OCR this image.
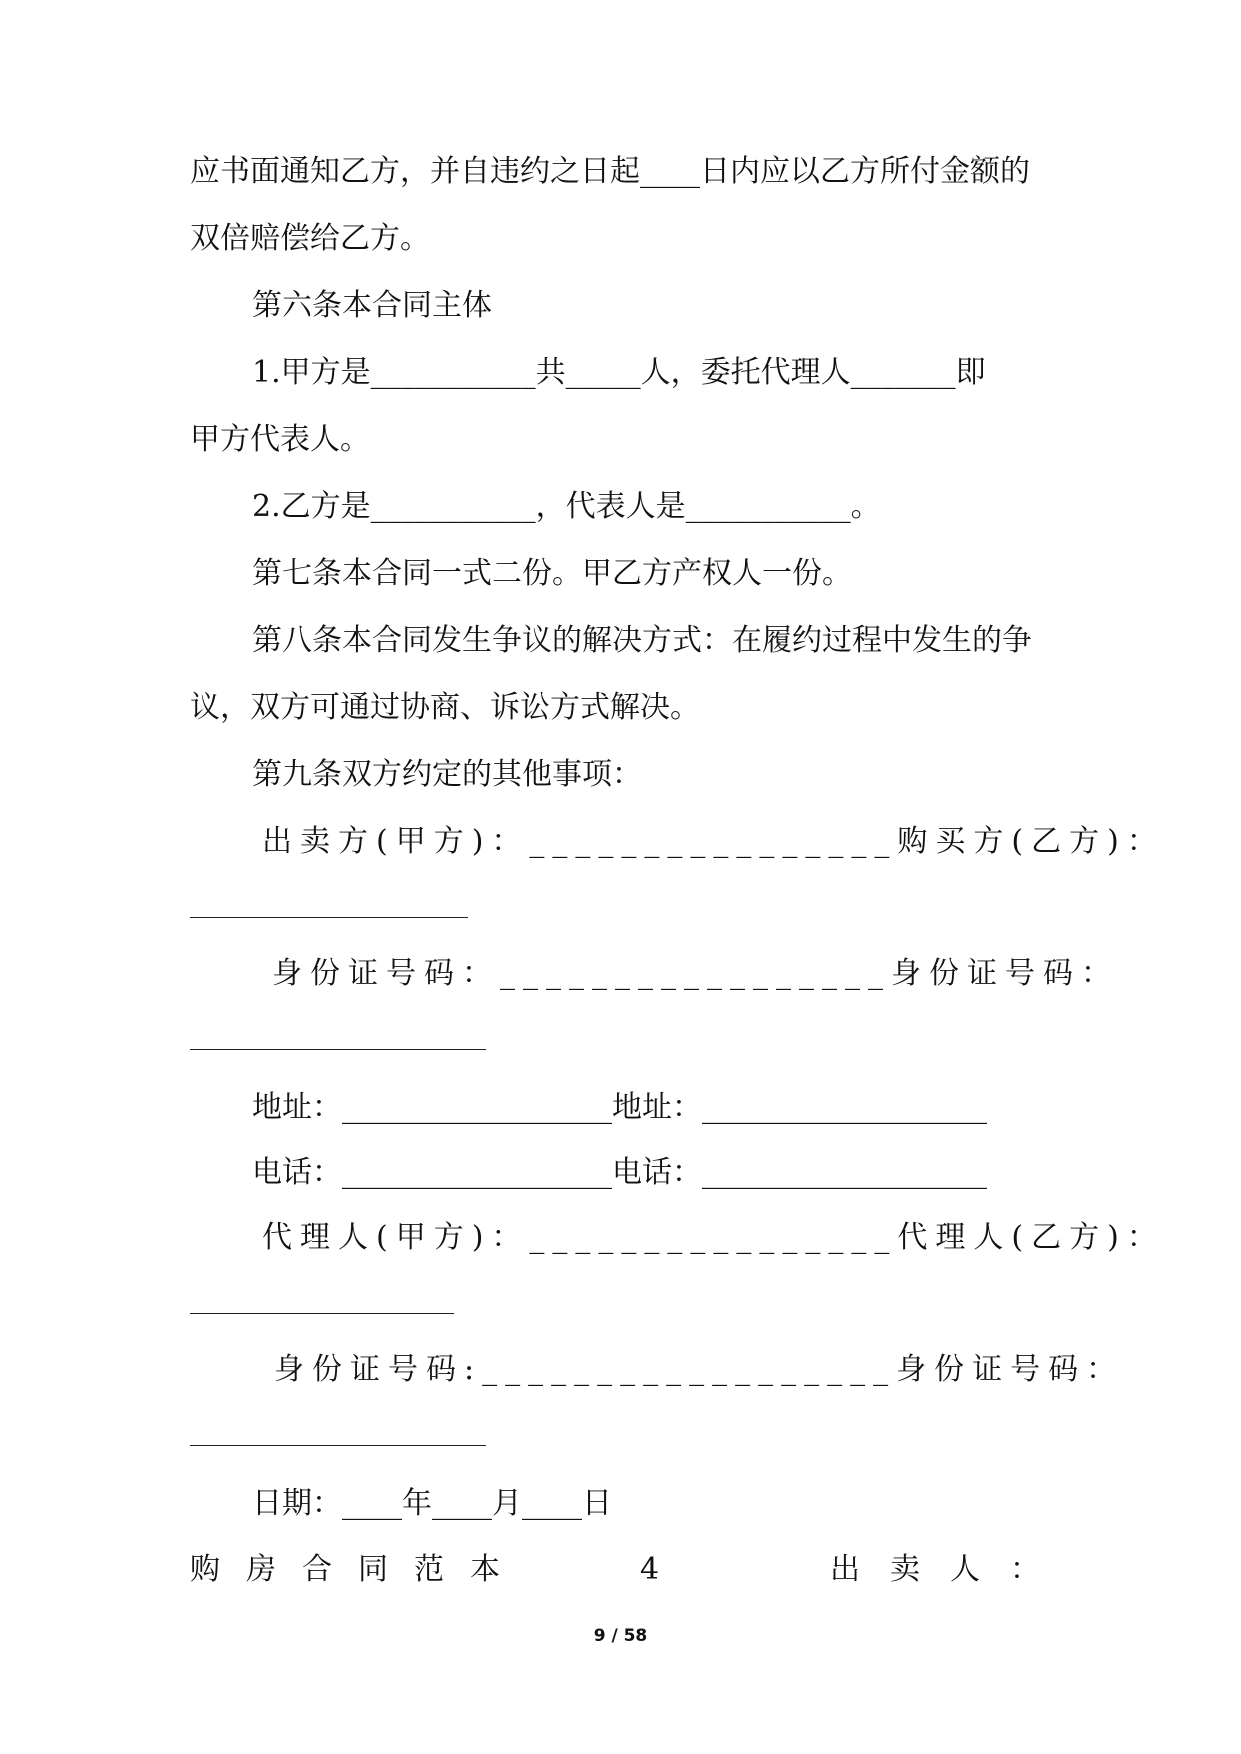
应书面通知乙方，并自违约之日起____日内应以乙方所付金额的
双倍赔偿给乙方。
第六条本合同主体
1.甲方是___________共_____人，委托代理人_______即
甲方代表人。
2.乙方是___________，代表人是___________。
第七条本合同一式二份。甲乙方产权人一份。
第八条本合同发生争议的解决方式：在履约过程中发生的争
议，双方可通过协商、诉讼方式解决。
第九条双方约定的其他事项：
出卖方(甲方)：________________购买方(乙方)：
身份证号码：_________________身份证号码：
地址：__________________地址：___________________
电话：__________________电话：___________________
代理人(甲方)：________________代理人(乙方)：
身份证号码:__________________身份证号码：
日期：____年____月____日
购房合同范本	4	出卖人：
9 / 58
